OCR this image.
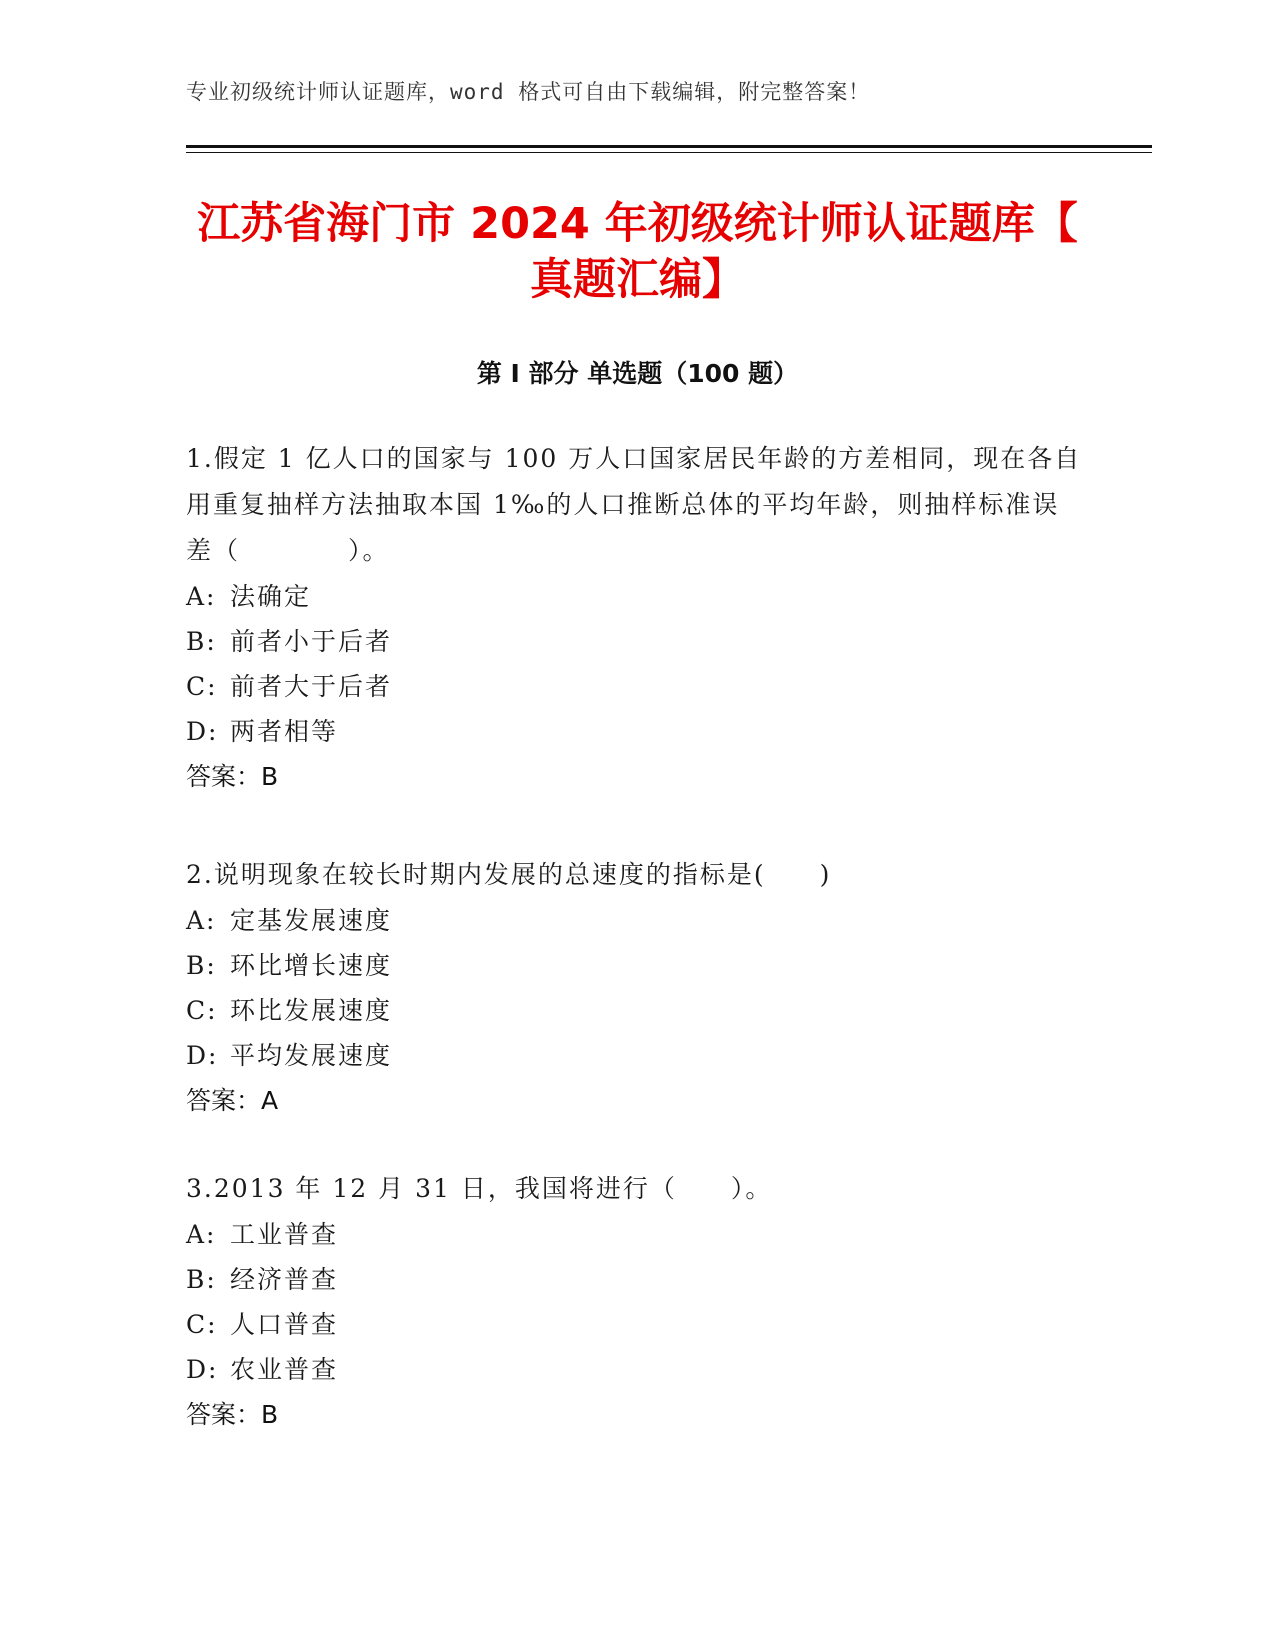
专业初级统计师认证题库，word 格式可自由下载编辑，附完整答案！
江苏省海门市 2024 年初级统计师认证题库【
真题汇编】
第 I 部分 单选题（100 题）

1.假定 1 亿人口的国家与 100 万人口国家居民年龄的方差相同，现在各自用重复抽样方法抽取本国 1‰的人口推断总体的平均年龄，则抽样标准误差（　　　　）。

A: 法确定

B: 前者小于后者

C: 前者大于后者

D: 两者相等

答案：B

2.说明现象在较长时期内发展的总速度的指标是(　　)

A: 定基发展速度

B: 环比增长速度

C: 环比发展速度

D: 平均发展速度

答案：A

3.2013 年 12 月 31 日，我国将进行（　　）。

A: 工业普查

B: 经济普查

C: 人口普查

D: 农业普查

答案：B
